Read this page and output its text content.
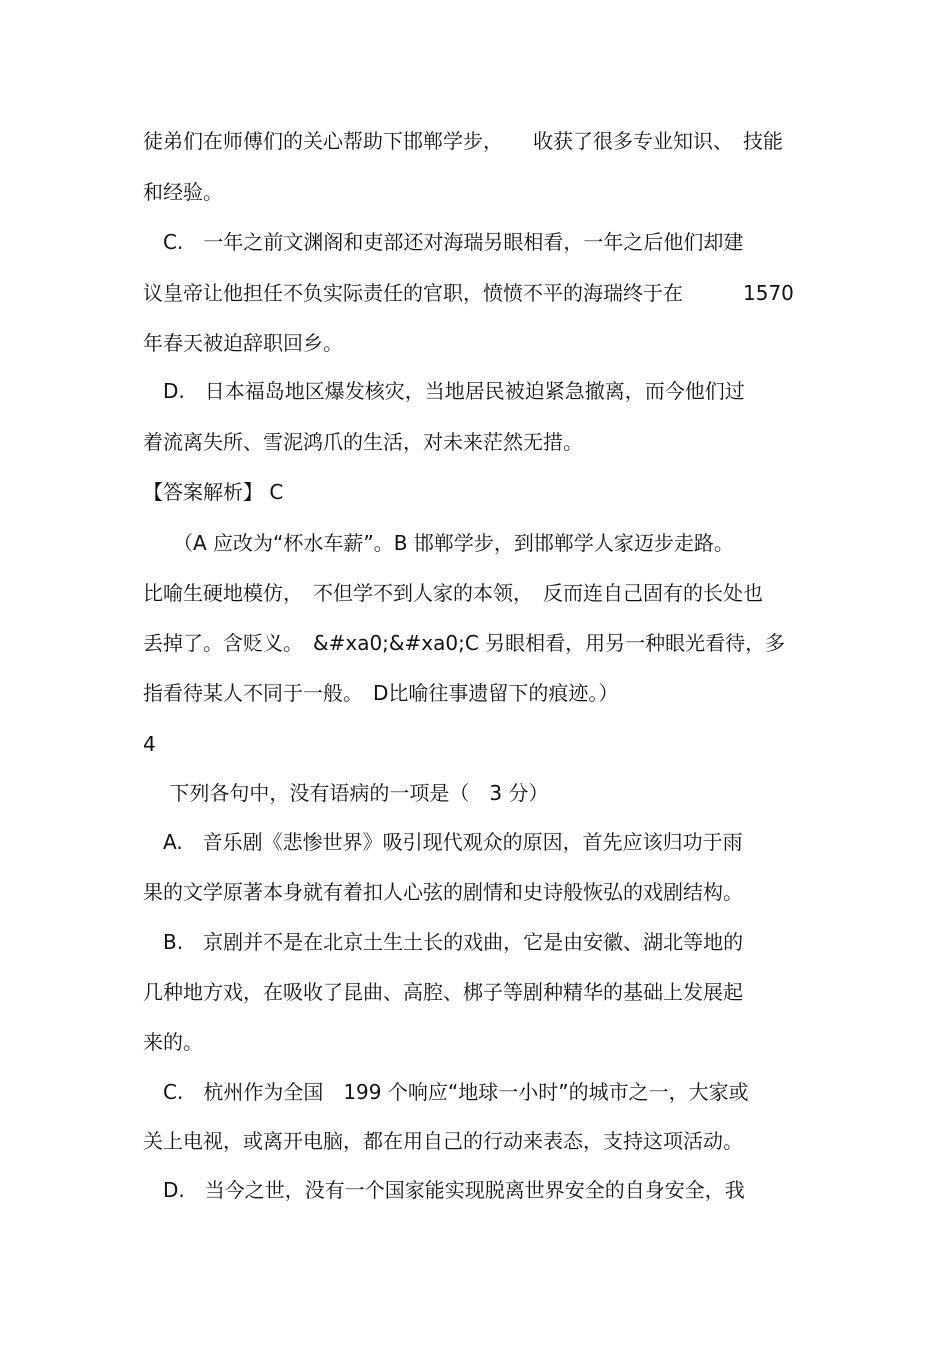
徒弟们在师傅们的关心帮助下邯郸学步，　　收获了很多专业知识、　技能
和经验。
　C.　一年之前文渊阁和吏部还对海瑞另眼相看，一年之后他们却建
议皇帝让他担任不负实际责任的官职，愤愤不平的海瑞终于在　　　1570
年春天被迫辞职回乡。
　D.　日本福岛地区爆发核灾，当地居民被迫紧急撤离，而今他们过
着流离失所、雪泥鸿爪的生活，对未来茫然无措。
【答案解析】 C
　　（A 应改为“杯水车薪”。B 邯郸学步，到邯郸学人家迈步走路。
比喻生硬地模仿，　不但学不到人家的本领，　反而连自己固有的长处也
丢掉了。含贬义。　&#xa0;&#xa0;C 另眼相看，用另一种眼光看待，多
指看待某人不同于一般。　D比喻往事遗留下的痕迹。）
4
　 下列各句中，没有语病的一项是（　3 分）
　A.　音乐剧《悲惨世界》吸引现代观众的原因，首先应该归功于雨
果的文学原著本身就有着扣人心弦的剧情和史诗般恢弘的戏剧结构。
　B.　京剧并不是在北京土生土长的戏曲，它是由安徽、湖北等地的
几种地方戏，在吸收了昆曲、高腔、梆子等剧种精华的基础上发展起
来的。
　C.　杭州作为全国　199 个响应“地球一小时”的城市之一，大家或
关上电视，或离开电脑，都在用自己的行动来表态，支持这项活动。
　D.　当今之世，没有一个国家能实现脱离世界安全的自身安全，我
